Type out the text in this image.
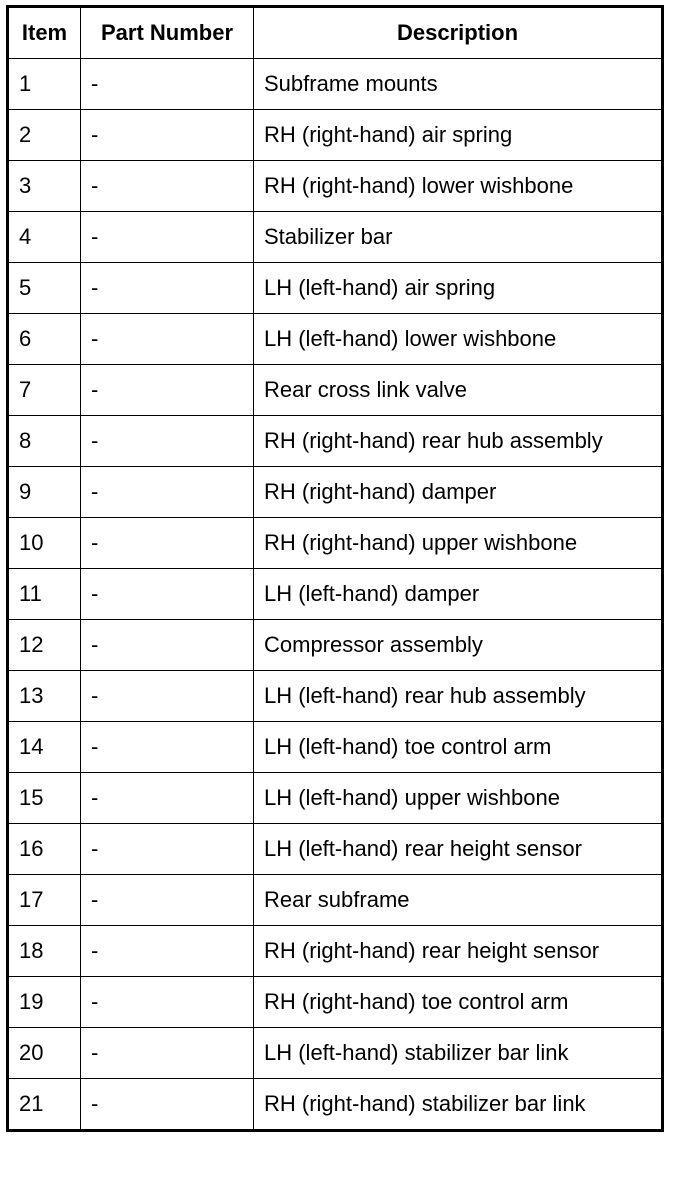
Item	Part Number	Description
1	-	Subframe mounts
2	-	RH (right-hand) air spring
3	-	RH (right-hand) lower wishbone
4	-	Stabilizer bar
5	-	LH (left-hand) air spring
6	-	LH (left-hand) lower wishbone
7	-	Rear cross link valve
8	-	RH (right-hand) rear hub assembly
9	-	RH (right-hand) damper
10	-	RH (right-hand) upper wishbone
11	-	LH (left-hand) damper
12	-	Compressor assembly
13	-	LH (left-hand) rear hub assembly
14	-	LH (left-hand) toe control arm
15	-	LH (left-hand) upper wishbone
16	-	LH (left-hand) rear height sensor
17	-	Rear subframe
18	-	RH (right-hand) rear height sensor
19	-	RH (right-hand) toe control arm
20	-	LH (left-hand) stabilizer bar link
21	-	RH (right-hand) stabilizer bar link
